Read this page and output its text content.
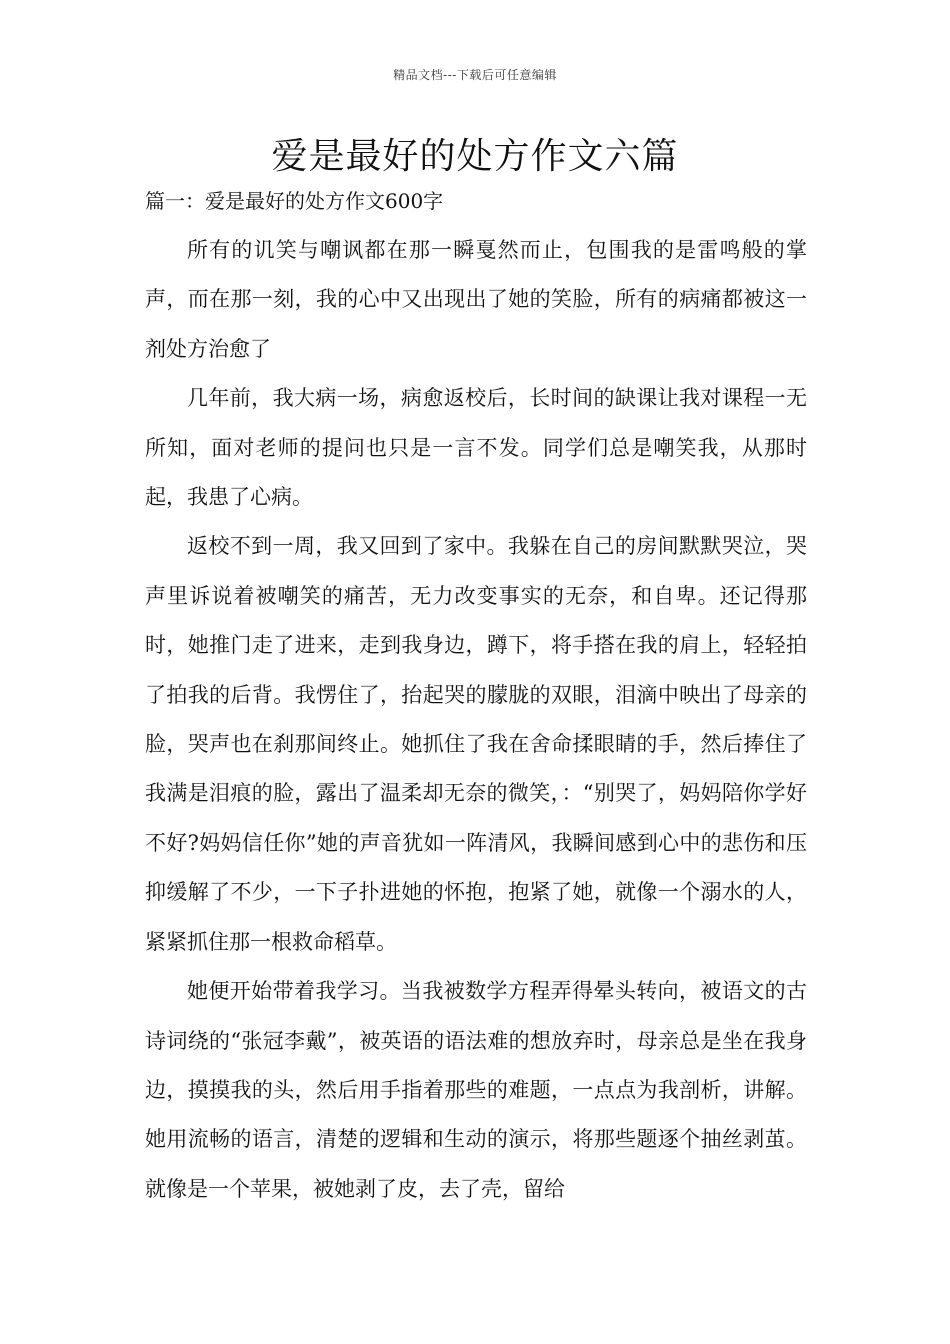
精品文档---下载后可任意编辑
爱是最好的处方作文六篇
篇一：爱是最好的处方作文600字

所有的讥笑与嘲讽都在那一瞬戛然而止，包围我的是雷鸣般的掌声，而在那一刻，我的心中又出现出了她的笑脸，所有的病痛都被这一剂处方治愈了

几年前，我大病一场，病愈返校后，长时间的缺课让我对课程一无所知，面对老师的提问也只是一言不发。同学们总是嘲笑我，从那时起，我患了心病。

返校不到一周，我又回到了家中。我躲在自己的房间默默哭泣，哭声里诉说着被嘲笑的痛苦，无力改变事实的无奈，和自卑。还记得那时，她推门走了进来，走到我身边，蹲下，将手搭在我的肩上，轻轻拍了拍我的后背。我愣住了，抬起哭的朦胧的双眼，泪滴中映出了母亲的脸，哭声也在刹那间终止。她抓住了我在舍命揉眼睛的手，然后捧住了我满是泪痕的脸，露出了温柔却无奈的微笑，：“别哭了，妈妈陪你学好不好?妈妈信任你”她的声音犹如一阵清风，我瞬间感到心中的悲伤和压抑缓解了不少，一下子扑进她的怀抱，抱紧了她，就像一个溺水的人，紧紧抓住那一根救命稻草。

她便开始带着我学习。当我被数学方程弄得晕头转向，被语文的古诗词绕的“张冠李戴”，被英语的语法难的想放弃时，母亲总是坐在我身边，摸摸我的头，然后用手指着那些的难题，一点点为我剖析，讲解。她用流畅的语言，清楚的逻辑和生动的演示，将那些题逐个抽丝剥茧。就像是一个苹果，被她剥了皮，去了壳，留给
